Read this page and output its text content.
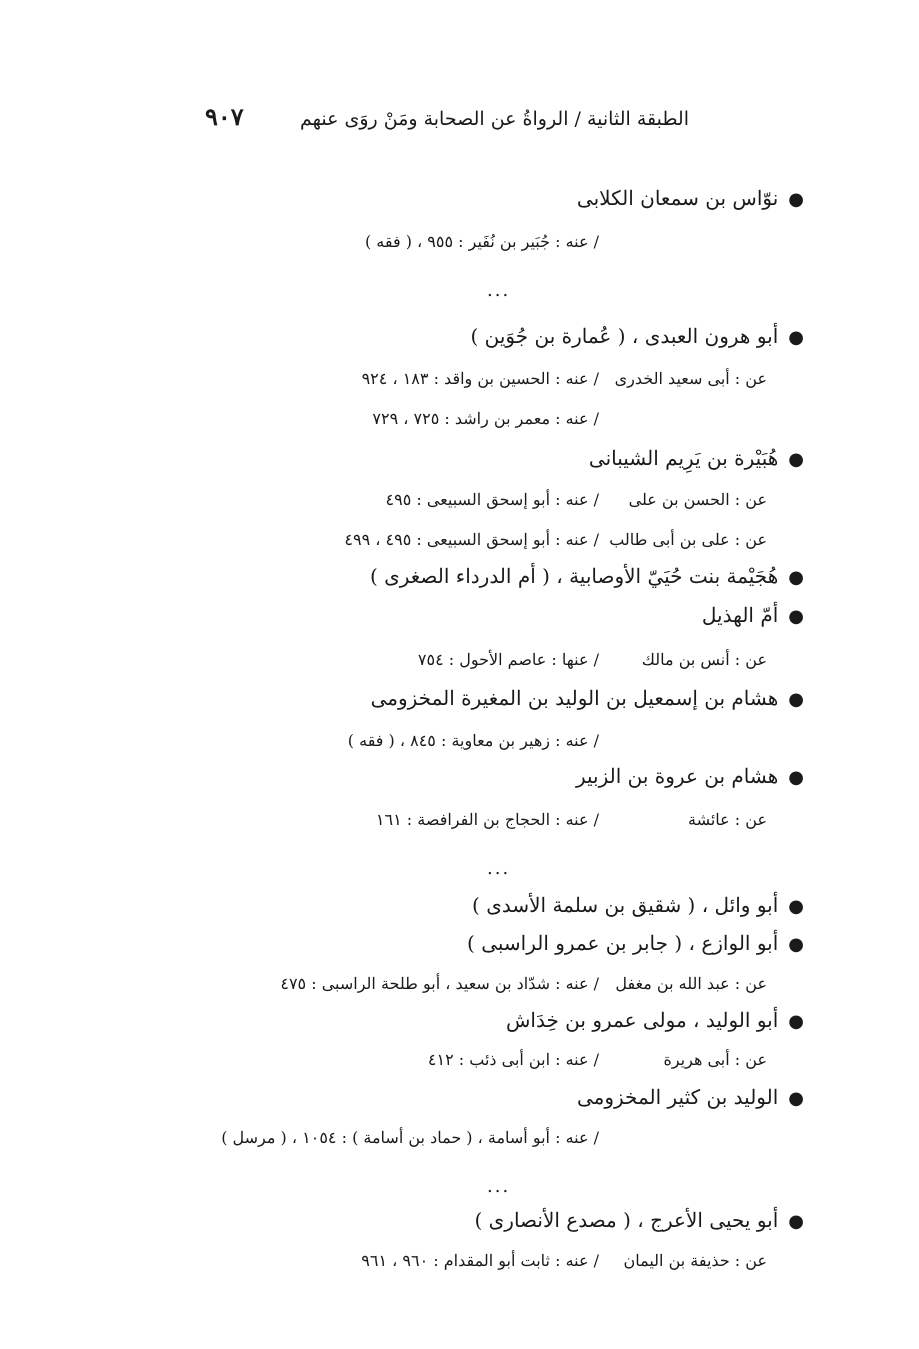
الطبقة الثانية / الرواةُ عن الصحابة ومَنْ روَى عنهم
٩٠٧
●نوّاس بن سمعان الكلابى
/ عنه : جُبَير بن نُفَير : ٩٥٥ ، ( فقه )
...
●أبو هرون العبدى ، ( عُمارة بن جُوَين )
عن : أبى سعيد الخدرى
/ عنه : الحسين بن واقد : ١٨٣ ، ٩٢٤
/ عنه : معمر بن راشد : ٧٢٥ ، ٧٢٩
●هُبَيْرة بن يَرِيم الشيبانى
عن : الحسن بن على
/ عنه : أبو إسحق السبيعى : ٤٩٥
عن : على بن أبى طالب
/ عنه : أبو إسحق السبيعى : ٤٩٥ ، ٤٩٩
●هُجَيْمة بنت حُيَيّ الأوصابية ، ( أم الدرداء الصغرى )
●أمّ الهذيل
عن : أنس بن مالك
/ عنها : عاصم الأحول : ٧٥٤
●هشام بن إسمعيل بن الوليد بن المغيرة المخزومى
/ عنه : زهير بن معاوية : ٨٤٥ ، ( فقه )
●هشام بن عروة بن الزبير
عن : عائشة
/ عنه : الحجاج بن الفرافصة : ١٦١
...
●أبو وائل ، ( شقيق بن سلمة الأسدى )
●أبو الوازع ، ( جابر بن عمرو الراسبى )
عن : عبد الله بن مغفل
/ عنه : شدّاد بن سعيد ، أبو طلحة الراسبى : ٤٧٥
●أبو الوليد ، مولى عمرو بن خِدَاش
عن : أبى هريرة
/ عنه : ابن أبى ذئب : ٤١٢
●الوليد بن كثير المخزومى
/ عنه : أبو أسامة ، ( حماد بن أسامة ) : ١٠٥٤ ، ( مرسل )
...
●أبو يحيى الأعرج ، ( مصدع الأنصارى )
عن : حذيفة بن اليمان
/ عنه : ثابت أبو المقدام : ٩٦٠ ، ٩٦١
